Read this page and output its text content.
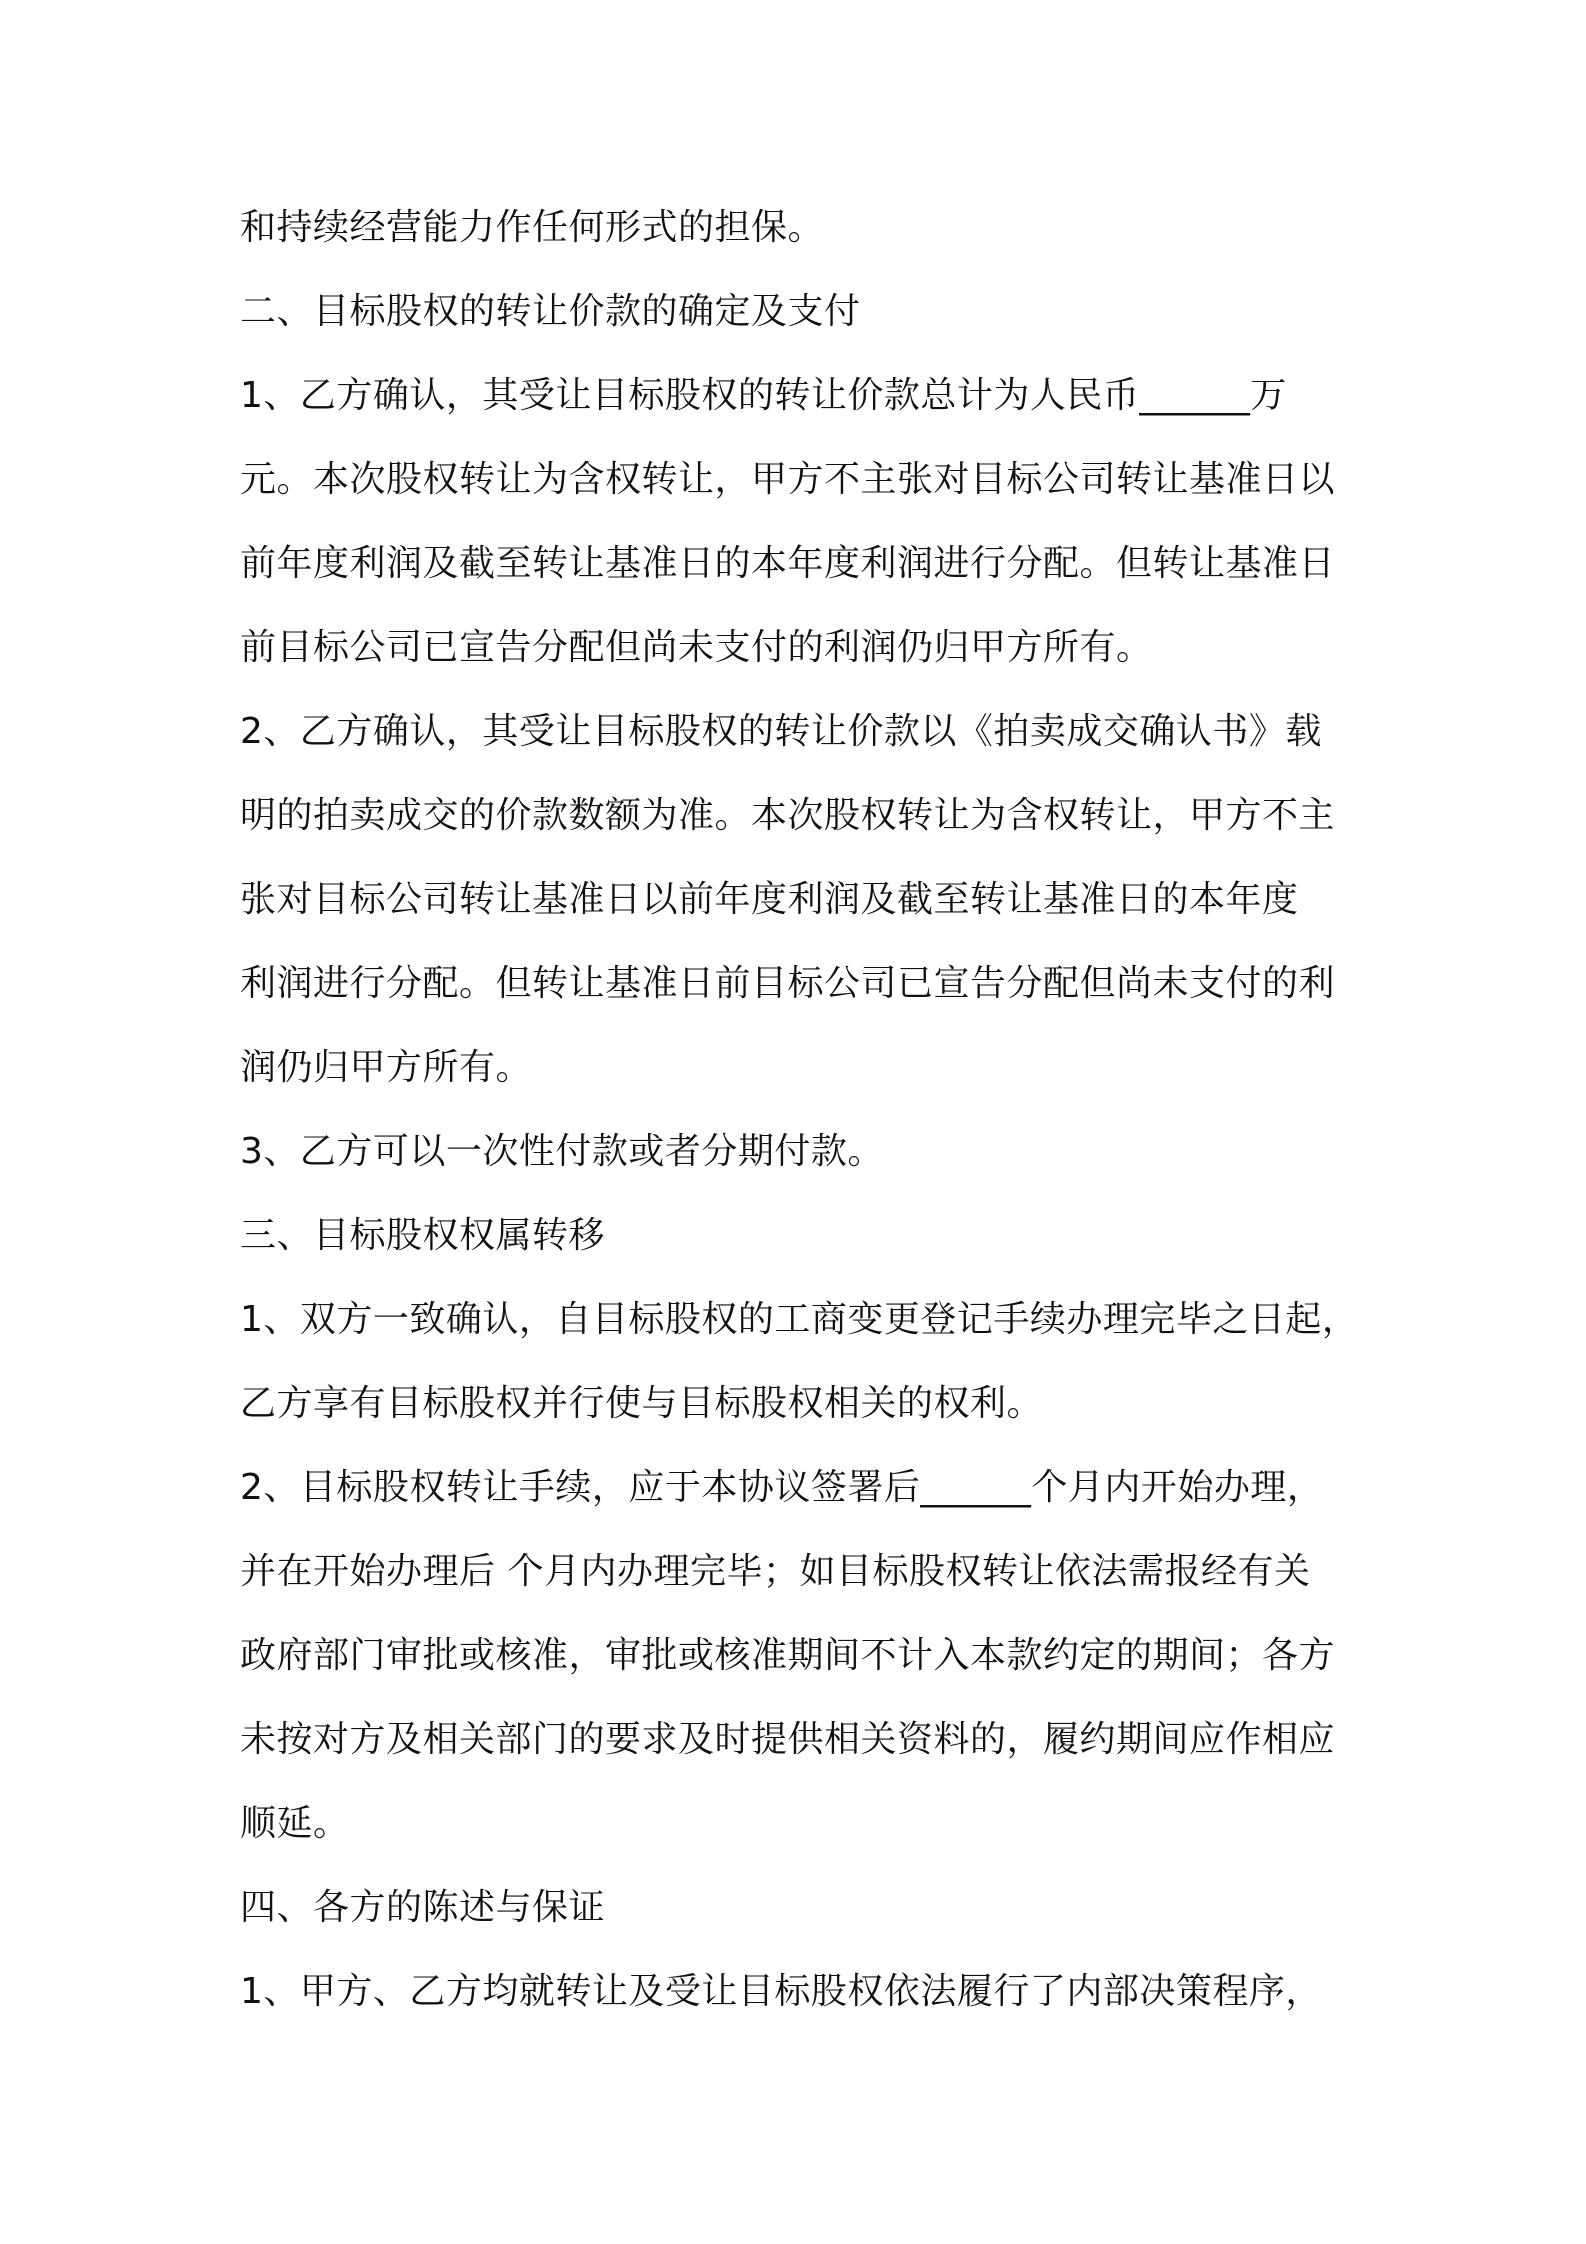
和持续经营能力作任何形式的担保。
二、目标股权的转让价款的确定及支付
1、乙方确认，其受让目标股权的转让价款总计为人民币______万
元。本次股权转让为含权转让，甲方不主张对目标公司转让基准日以
前年度利润及截至转让基准日的本年度利润进行分配。但转让基准日
前目标公司已宣告分配但尚未支付的利润仍归甲方所有。
2、乙方确认，其受让目标股权的转让价款以《拍卖成交确认书》载
明的拍卖成交的价款数额为准。本次股权转让为含权转让，甲方不主
张对目标公司转让基准日以前年度利润及截至转让基准日的本年度
利润进行分配。但转让基准日前目标公司已宣告分配但尚未支付的利
润仍归甲方所有。
3、乙方可以一次性付款或者分期付款。
三、目标股权权属转移
1、双方一致确认，自目标股权的工商变更登记手续办理完毕之日起，
乙方享有目标股权并行使与目标股权相关的权利。
2、目标股权转让手续，应于本协议签署后______个月内开始办理，
并在开始办理后 个月内办理完毕；如目标股权转让依法需报经有关
政府部门审批或核准，审批或核准期间不计入本款约定的期间；各方
未按对方及相关部门的要求及时提供相关资料的，履约期间应作相应
顺延。
四、各方的陈述与保证
1、甲方、乙方均就转让及受让目标股权依法履行了内部决策程序，
